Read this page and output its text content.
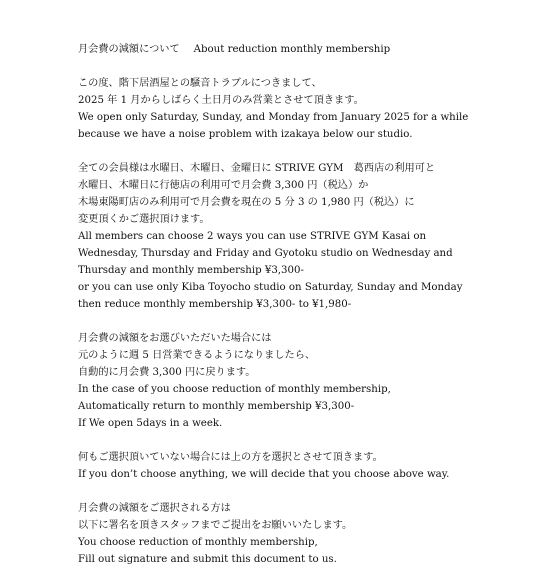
月会費の減額について About reduction monthly membership
この度、階下居酒屋との騒音トラブルにつきまして、
2025 年 1 月からしばらく土日月のみ営業とさせて頂きます。
We open only Saturday, Sunday, and Monday from January 2025 for a while
because we have a noise problem with izakaya below our studio.
全ての会員様は水曜日、木曜日、金曜日に STRIVE GYM　葛西店の利用可と
水曜日、木曜日に行徳店の利用可で月会費 3,300 円（税込）か
木場東陽町店のみ利用可で月会費を現在の 5 分 3 の 1,980 円（税込）に
変更頂くかご選択頂けます。
All members can choose 2 ways you can use STRIVE GYM Kasai on
Wednesday, Thursday and Friday and Gyotoku studio on Wednesday and
Thursday and monthly membership ¥3,300-
or you can use only Kiba Toyocho studio on Saturday, Sunday and Monday
then reduce monthly membership ¥3,300- to ¥1,980-
月会費の減額をお選びいただいた場合には
元のように週 5 日営業できるようになりましたら、
自動的に月会費 3,300 円に戻ります。
In the case of you choose reduction of monthly membership,
Automatically return to monthly membership ¥3,300-
If We open 5days in a week.
何もご選択頂いていない場合には上の方を選択とさせて頂きます。
If you don’t choose anything, we will decide that you choose above way.
月会費の減額をご選択される方は
以下に署名を頂きスタッフまでご提出をお願いいたします。
You choose reduction of monthly membership,
Fill out signature and submit this document to us.
